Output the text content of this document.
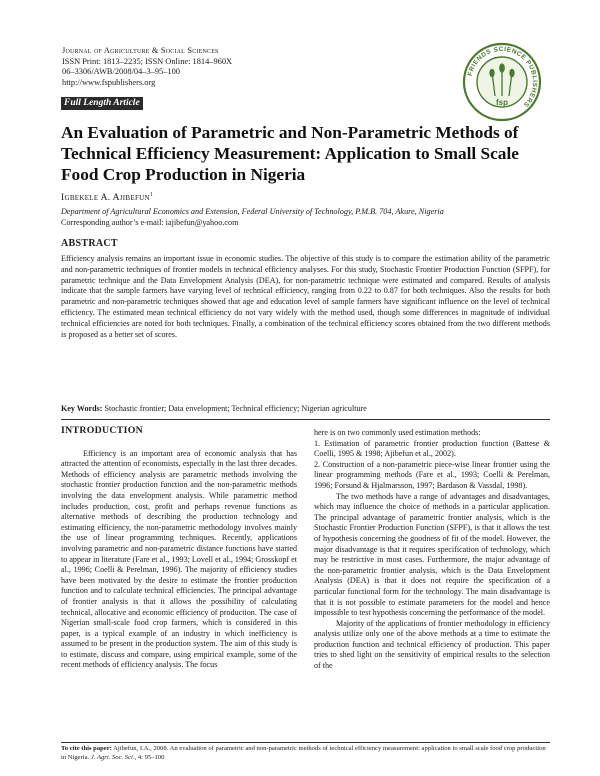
Journal of Agriculture & Social Sciences
ISSN Print: 1813–2235; ISSN Online: 1814–960X
06–3306/AWB/2008/04–3–95–100
http://www.fspublishers.org
FRIENDS SCIENCE PUBLISHERS
fsp
Full Length Article
An Evaluation of Parametric and Non-Parametric Methods of Technical Efficiency Measurement: Application to Small Scale Food Crop Production in Nigeria
Igbekele A. Ajibefun$^1$
Department of Agricultural Economics and Extension, Federal University of Technology, P.M.B. 704, Akure, Nigeria
Corresponding author’s e-mail: iajibefun@yahoo.com
ABSTRACT
Efficiency analysis remains an important issue in economic studies. The objective of this study is to compare the estimation ability of the parametric and non-parametric techniques of frontier models in technical efficiency analyses. For this study, Stochastic Frontier Production Function (SFPF), for parametric technique and the Data Envelopment Analysis (DEA), for non-parametric technique were estimated and compared. Results of analysis indicate that the sample farmers have varying level of technical efficiency, ranging from 0.22 to 0.87 for both techniques. Also the results for both parametric and non-parametric techniques showed that age and education level of sample farmers have significant influence on the level of technical efficiency. The estimated mean technical efficiency do not vary widely with the method used, though some differences in magnitude of individual technical efficiencies are noted for both techniques. Finally, a combination of the technical efficiency scores obtained from the two different methods is proposed as a better set of scores.
Key Words: Stochastic frontier; Data envelopment; Technical efficiency; Nigerian agriculture
INTRODUCTION

Efficiency is an important area of economic analysis that has attracted the attention of economists, especially in the last three decades. Methods of efficiency analysis are parametric methods involving the stochastic frontier production function and the non-parametric methods involving the data envelopment analysis. While parametric method includes production, cost, profit and perhaps revenue functions as alternative methods of describing the production technology and estimating efficiency, the non-parametric methodology involves mainly the use of linear programming techniques. Recently, applications involving parametric and non-parametric distance functions have started to appear in literature (Fare et al., 1993; Lovell et al., 1994; Grosskopf et al., 1996; Coelli & Perelman, 1996). The majority of efficiency studies have been motivated by the desire to estimate the frontier production function and to calculate technical efficiencies. The principal advantage of frontier analysis is that it allows the possibility of calculating technical, allocative and economic efficiency of production. The case of Nigerian small-scale food crop farmers, which is considered in this paper, is a typical example of an industry in which inefficiency is assumed to be present in the production system. The aim of this study is to estimate, discuss and compare, using empirical example, some of the recent methods of efficiency analysis. The focus

here is on two commonly used estimation methods:

1. Estimation of parametric frontier production function (Battese & Coelli, 1995 & 1998; Ajibefun et al., 2002).

2. Construction of a non-parametric piece-wise linear frontier using the linear programming methods (Fare et al., 1993; Coelli & Perelman, 1996; Forsund & Hjalmarsson, 1997; Bardason & Vassdal, 1998).

The two methods have a range of advantages and disadvantages, which may influence the choice of methods in a particular application. The principal advantage of parametric frontier analysis, which is the Stochastic Frontier Production Function (SFPF), is that it allows the test of hypothesis concerning the goodness of fit of the model. However, the major disadvantage is that it requires specification of technology, which may be restrictive in most cases. Furthermore, the major advantage of the non-parametric frontier analysis, which is the Data Envelopment Analysis (DEA) is that it does not require the specification of a particular functional form for the technology. The main disadvantage is that it is not possible to estimate parameters for the model and hence impossible to test hypothesis concerning the performance of the model.

Majority of the applications of frontier methodology in efficiency analysis utilize only one of the above methods at a time to estimate the production function and technical efficiency of production. This paper tries to shed light on the sensitivity of empirical results to the selection of the

To cite this paper: Ajibefun, I.A., 2008. An evaluation of parametric and non-parametric methods of technical efficiency measurement: application to small scale food crop production in Nigeria. J. Agri. Soc. Sci., 4: 95–100
